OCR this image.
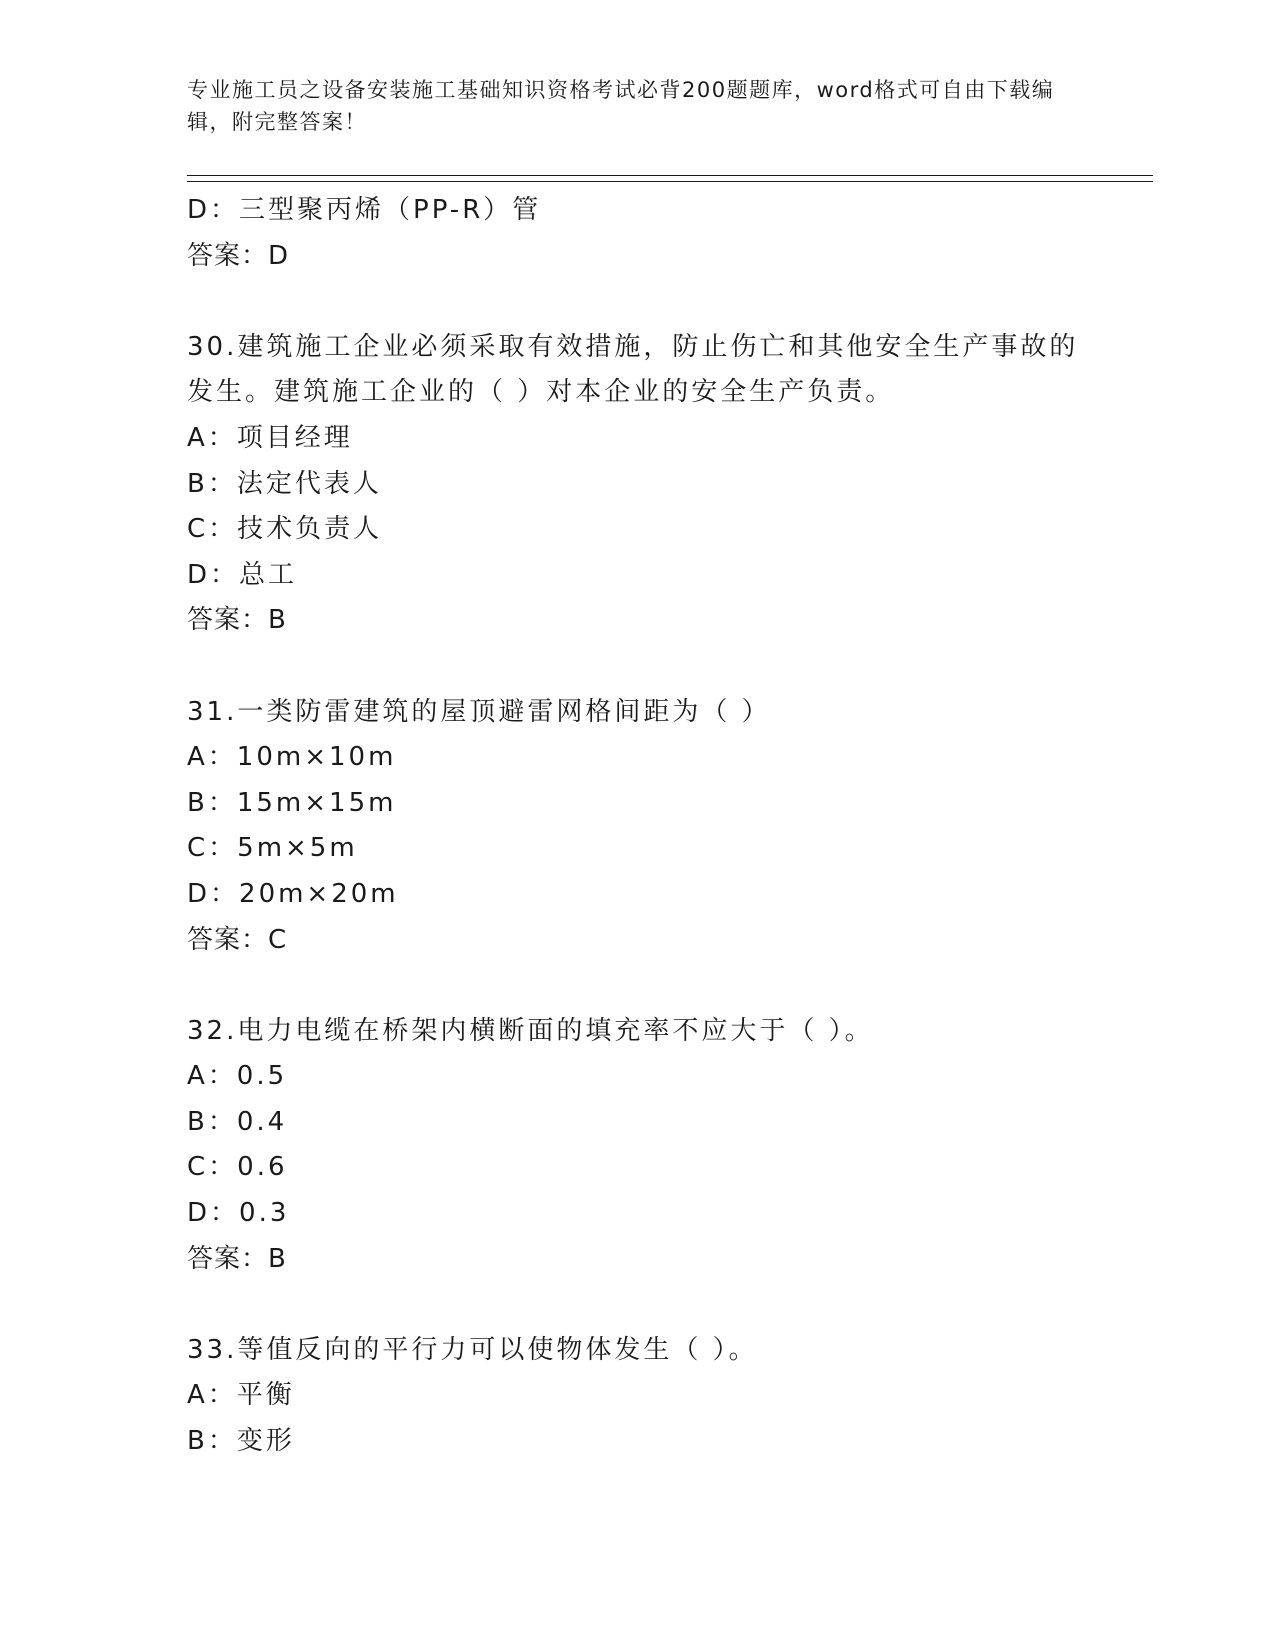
专业施工员之设备安装施工基础知识资格考试必背200题题库，word格式可自由下载编辑，附完整答案！
D：三型聚丙烯（PP-R）管
答案：D
30.建筑施工企业必须采取有效措施，防止伤亡和其他安全生产事故的
发生。建筑施工企业的（ ）对本企业的安全生产负责。
A：项目经理
B：法定代表人
C：技术负责人
D：总工
答案：B
31.一类防雷建筑的屋顶避雷网格间距为（ ）
A：10m×10m
B：15m×15m
C：5m×5m
D：20m×20m
答案：C
32.电力电缆在桥架内横断面的填充率不应大于（ ）。
A：0.5
B：0.4
C：0.6
D：0.3
答案：B
33.等值反向的平行力可以使物体发生（ ）。
A：平衡
B：变形
